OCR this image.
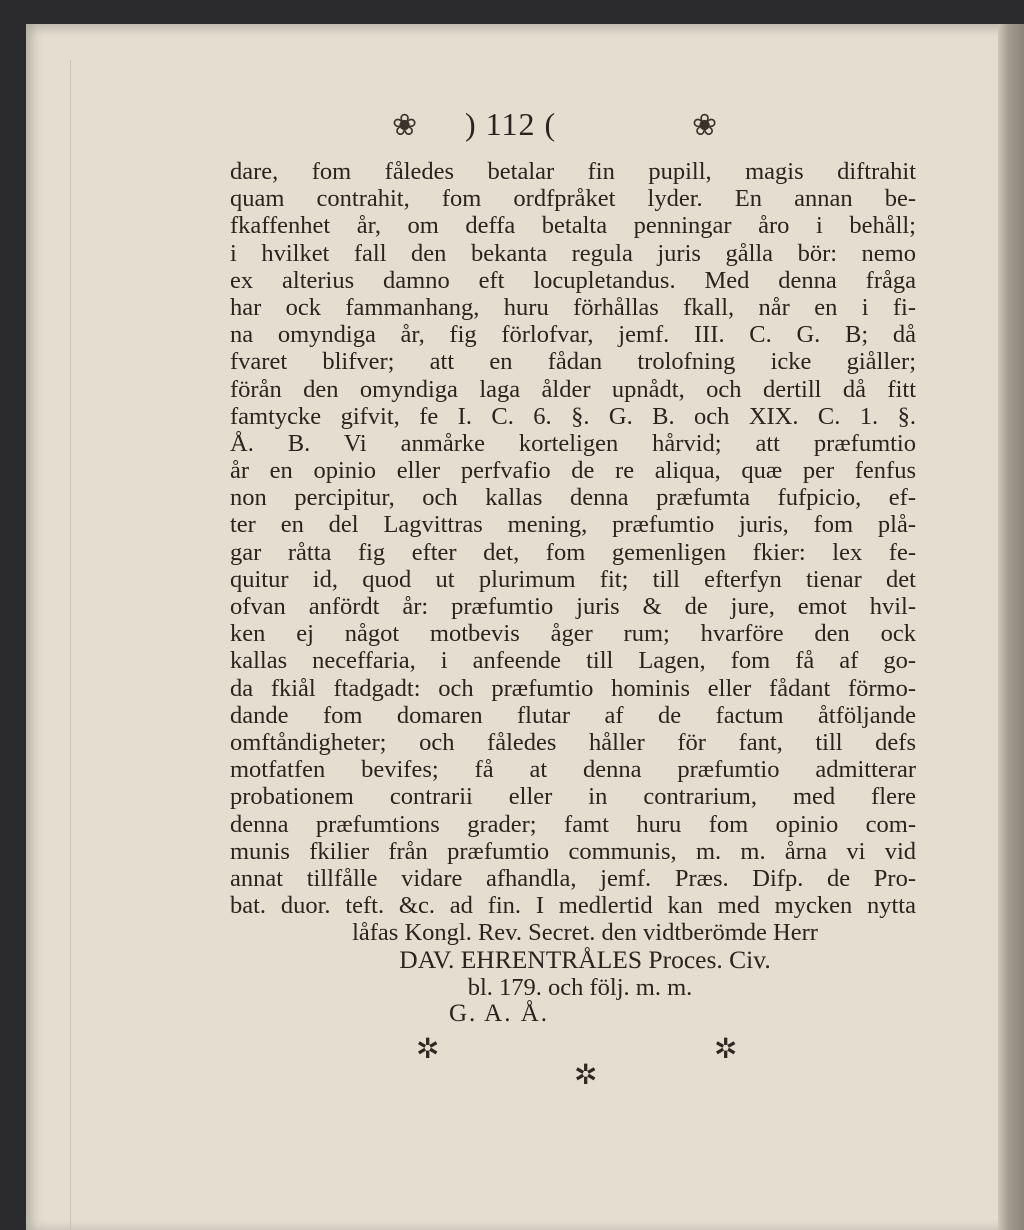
❀ ) 112 (	❀
dare, fom fåledes betalar fin pupill, magis diftrahit
quam contrahit, fom ordfpråket lyder. En annan be-
fkaffenhet år, om deffa betalta penningar åro i behåll;
i hvilket fall den bekanta regula juris gålla bör: nemo
ex alterius damno eft locupletandus. Med denna fråga
har ock fammanhang, huru förhållas fkall, når en i fi-
na omyndiga år, fig förlofvar, jemf. III. C. G. B; då
fvaret blifver; att en fådan trolofning icke giåller;
förån den omyndiga laga ålder upnådt, och dertill då fitt
famtycke gifvit, fe I. C. 6. §. G. B. och XIX. C. 1. §.
Å. B. Vi anmårke korteligen hårvid; att præfumtio
år en opinio eller perfvafio de re aliqua, quæ per fenfus
non percipitur, och kallas denna præfumta fufpicio, ef-
ter en del Lagvittras mening, præfumtio juris, fom plå-
gar råtta fig efter det, fom gemenligen fkier: lex fe-
quitur id, quod ut plurimum fit; till efterfyn tienar det
ofvan anfördt år: præfumtio juris & de jure, emot hvil-
ken ej något motbevis åger rum; hvarföre den ock
kallas neceffaria, i anfeende till Lagen, fom få af go-
da fkiål ftadgadt: och præfumtio hominis eller fådant förmo-
dande fom domaren flutar af de factum åtföljande
omftåndigheter; och fåledes håller för fant, till defs
motfatfen bevifes; få at denna præfumtio admitterar
probationem contrarii eller in contrarium, med flere
denna præfumtions grader; famt huru fom opinio com-
munis fkilier från præfumtio communis, m. m. årna vi vid
annat tillfålle vidare afhandla, jemf. Præs. Difp. de Pro-
bat. duor. teft. &c. ad fin. I medlertid kan med mycken nytta
låfas Kongl. Rev. Secret. den vidtberömde Herr
DAV. EHRENTRÅLES Proces. Civ.
bl. 179. och följ. m. m.
G. A. Å.
✲	✲
✲
